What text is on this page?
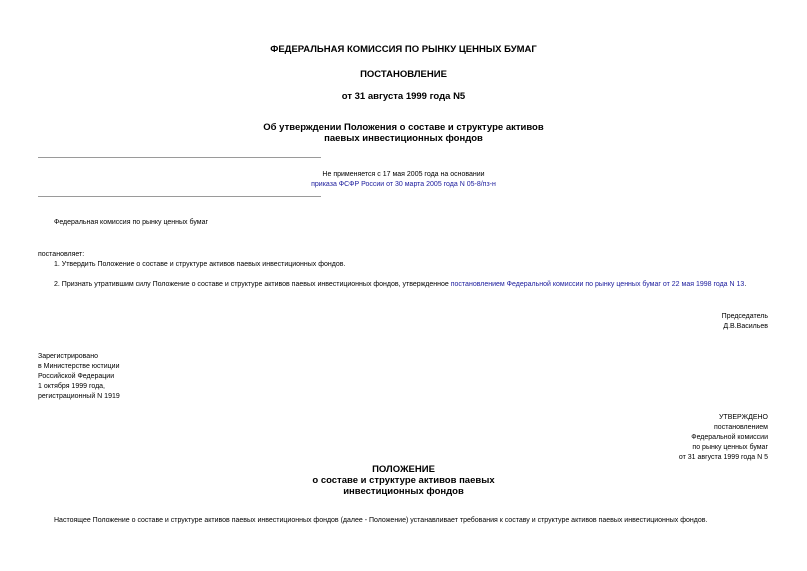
ФЕДЕРАЛЬНАЯ КОМИССИЯ ПО РЫНКУ ЦЕННЫХ БУМАГ
ПОСТАНОВЛЕНИЕ
от 31 августа 1999 года N5
Об утверждении Положения о составе и структуре активов
паевых инвестиционных фондов
Не применяется с 17 мая 2005 года на основании
приказа ФСФР России от 30 марта 2005 года N 05-8/пз-н
Федеральная комиссия по рынку ценных бумаг
постановляет:
1. Утвердить Положение о составе и структуре активов паевых инвестиционных фондов.
2. Признать утратившим силу Положение о составе и структуре активов паевых инвестиционных фондов, утвержденное постановлением Федеральной комиссии по рынку ценных бумаг от 22 мая 1998 года N 13.
Председатель
Д.В.Васильев
Зарегистрировано
в Министерстве юстиции
Российской Федерации
1 октября 1999 года,
регистрационный N 1919
УТВЕРЖДЕНО
постановлением
Федеральной комиссии
по рынку ценных бумаг
от 31 августа 1999 года N 5
ПОЛОЖЕНИЕ
о составе и структуре активов паевых
инвестиционных фондов
Настоящее Положение о составе и структуре активов паевых инвестиционных фондов (далее - Положение) устанавливает требования к составу и структуре активов паевых инвестиционных фондов.
